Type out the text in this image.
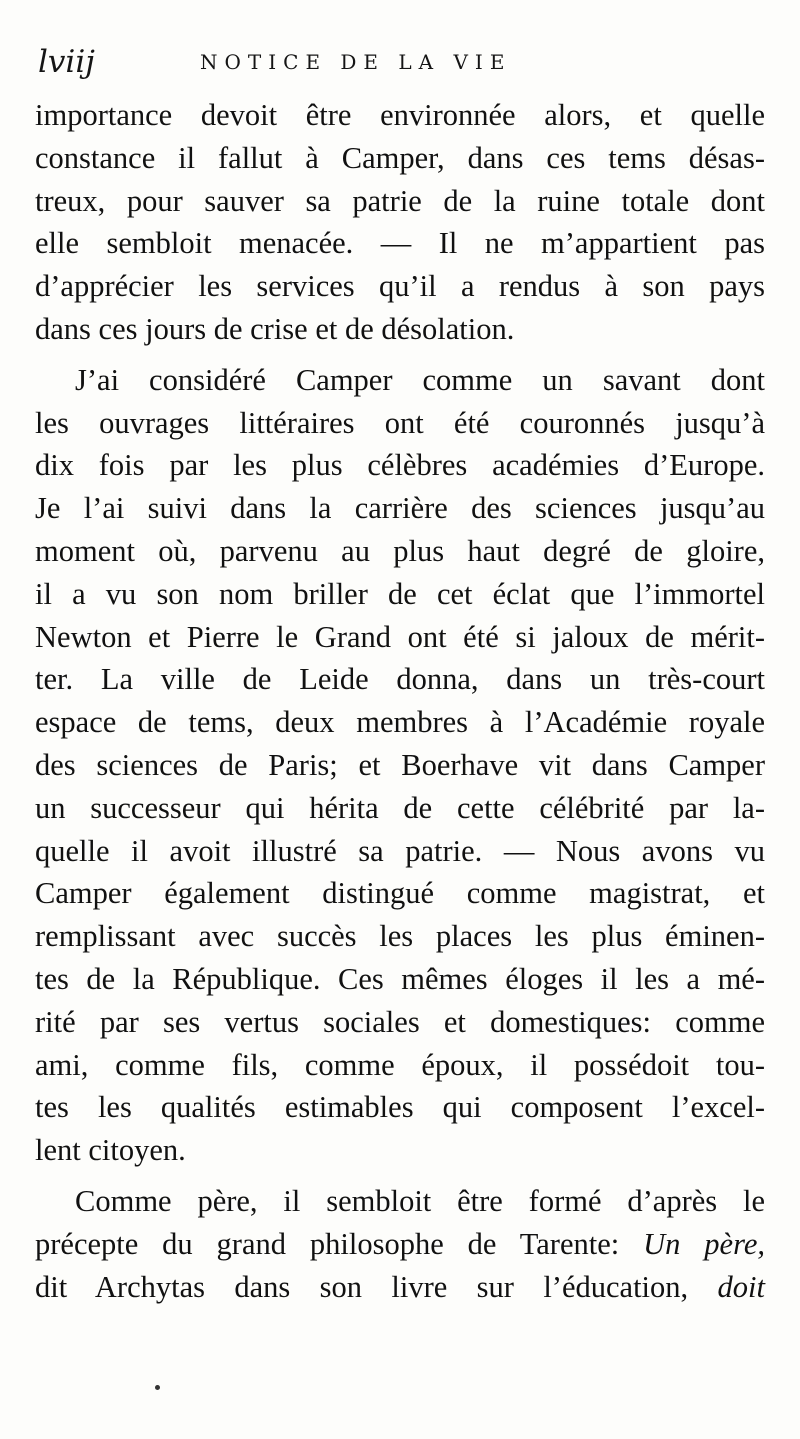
lviij	NOTICE DE LA VIE
importance devoit être environnée alors, et quelle
constance il fallut à Camper, dans ces tems désas-
treux, pour sauver sa patrie de la ruine totale dont
elle sembloit menacée. — Il ne m’appartient pas
d’apprécier les services qu’il a rendus à son pays
dans ces jours de crise et de désolation.
J’ai considéré Camper comme un savant dont
les ouvrages littéraires ont été couronnés jusqu’à
dix fois par les plus célèbres académies d’Europe.
Je l’ai suivi dans la carrière des sciences jusqu’au
moment où, parvenu au plus haut degré de gloire,
il a vu son nom briller de cet éclat que l’immortel
Newton et Pierre le Grand ont été si jaloux de mérit-
ter. La ville de Leide donna, dans un très-court
espace de tems, deux membres à l’Académie royale
des sciences de Paris; et Boerhave vit dans Camper
un successeur qui hérita de cette célébrité par la-
quelle il avoit illustré sa patrie. — Nous avons vu
Camper également distingué comme magistrat, et
remplissant avec succès les places les plus éminen-
tes de la République. Ces mêmes éloges il les a mé-
rité par ses vertus sociales et domestiques: comme
ami, comme fils, comme époux, il possédoit tou-
tes les qualités estimables qui composent l’excel-
lent citoyen.
Comme père, il sembloit être formé d’après le
précepte du grand philosophe de Tarente: Un père,
dit Archytas dans son livre sur l’éducation, doit
